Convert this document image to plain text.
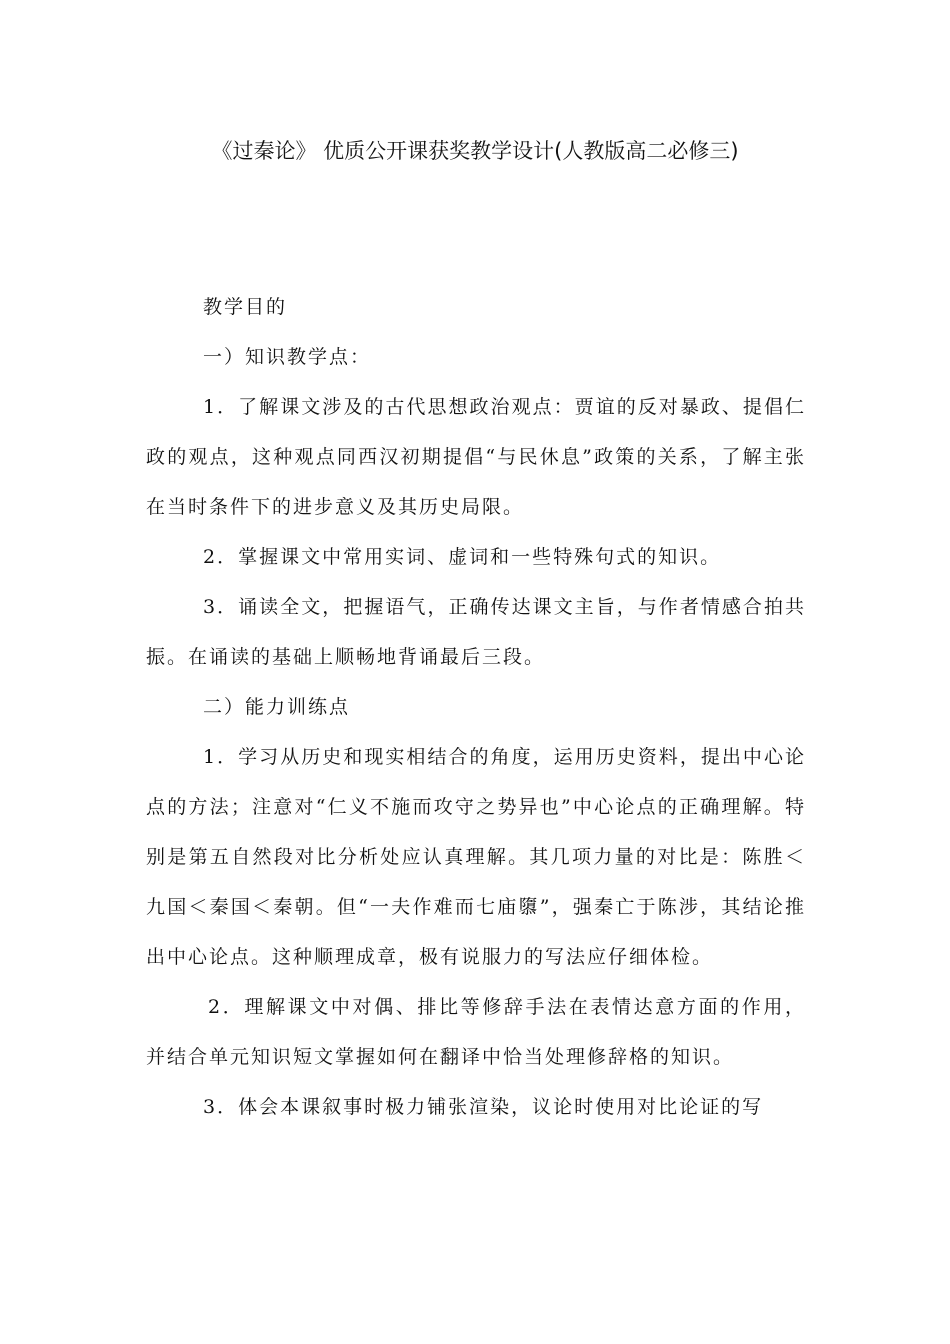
《过秦论》 优质公开课获奖教学设计(人教版高二必修三)

教学目的

一）知识教学点：

1．了解课文涉及的古代思想政治观点：贾谊的反对暴政、提倡仁政的观点，这种观点同西汉初期提倡“与民休息”政策的关系，了解主张在当时条件下的进步意义及其历史局限。

2．掌握课文中常用实词、虚词和一些特殊句式的知识。

3．诵读全文，把握语气，正确传达课文主旨，与作者情感合拍共振。在诵读的基础上顺畅地背诵最后三段。

二）能力训练点

1．学习从历史和现实相结合的角度，运用历史资料，提出中心论点的方法；注意对“仁义不施而攻守之势异也”中心论点的正确理解。特别是第五自然段对比分析处应认真理解。其几项力量的对比是：陈胜＜九国＜秦国＜秦朝。但“一夫作难而七庙隳”，强秦亡于陈涉，其结论推出中心论点。这种顺理成章，极有说服力的写法应仔细体检。

2．理解课文中对偶、排比等修辞手法在表情达意方面的作用，并结合单元知识短文掌握如何在翻译中恰当处理修辞格的知识。

3．体会本课叙事时极力铺张渲染，议论时使用对比论证的写
